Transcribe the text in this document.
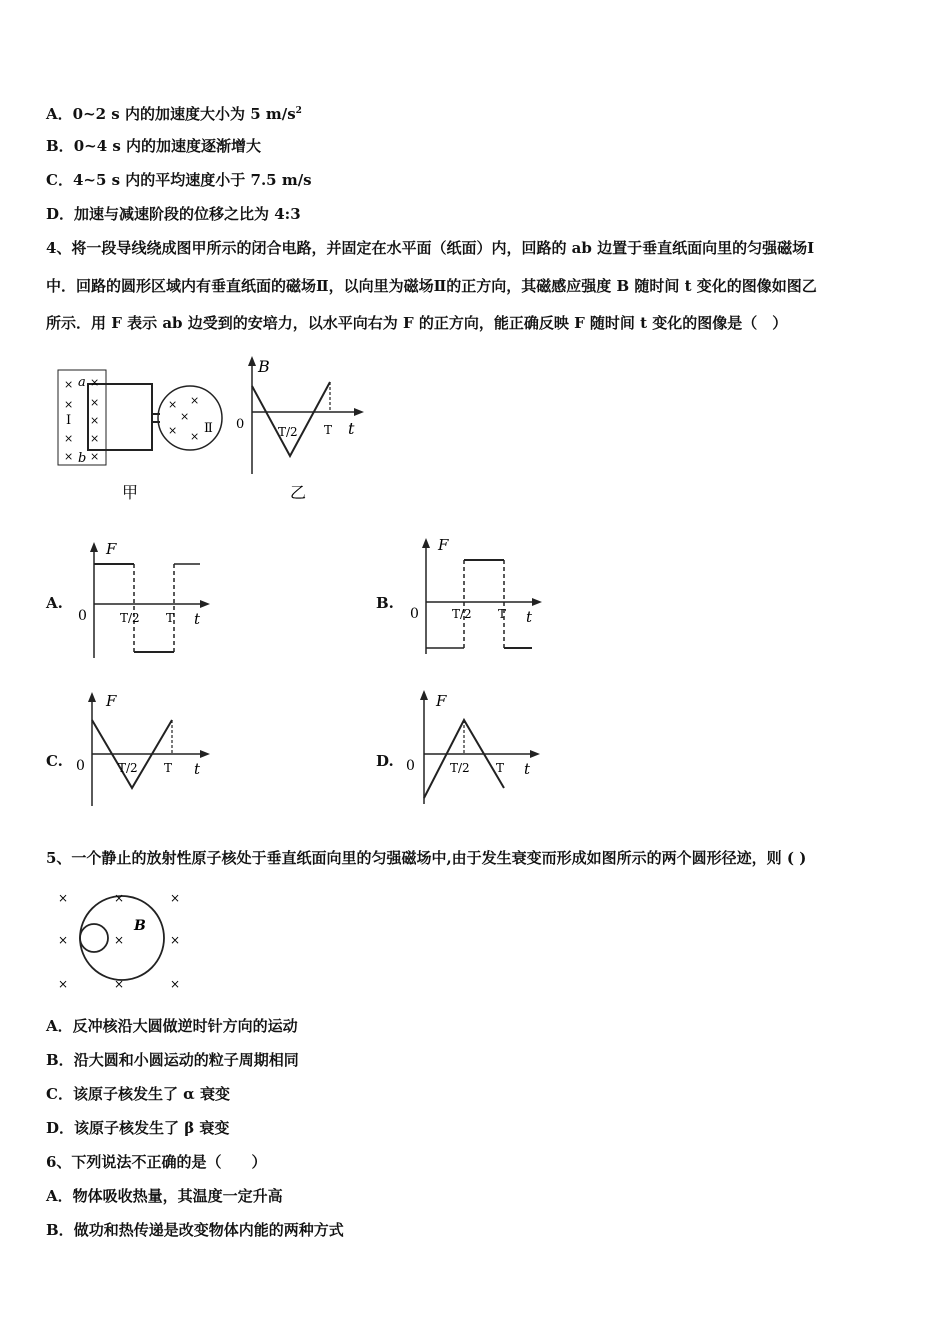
A．0~2 s 内的加速度大小为 5 $m/s^2$
B．0~4 s 内的加速度逐渐增大
C．4~5 s 内的平均速度小于 7.5 m/s
D．加速与减速阶段的位移之比为 4:3
4、将一段导线绕成图甲所示的闭合电路，并固定在水平面（纸面）内，回路的 ab 边置于垂直纸面向里的匀强磁场Ⅰ
中．回路的圆形区域内有垂直纸面的磁场Ⅱ，以向里为磁场Ⅱ的正方向，其磁感应强度 B 随时间 t 变化的图像如图乙
所示．用 F 表示 ab 边受到的安培力，以水平向右为 F 的正方向，能正确反映 F 随时间 t 变化的图像是（　）
×
×
×
×
×
×
×
×
×
a
b
Ⅰ
× ×
×
× ×
Ⅱ
甲
B
0	T/2 T t
乙
A.
F
0	T/2 T t
B.
F
0	T/2 T t
C.
F
0	T/2 T t	D.
F
0	T/2 T t
5、一个静止的放射性原子核处于垂直纸面向里的匀强磁场中,由于发生衰变而形成如图所示的两个圆形径迹，则 ( )
×	×	×
×	×	×
×	×	×
B
A．反冲核沿大圆做逆时针方向的运动
B．沿大圆和小圆运动的粒子周期相同
C．该原子核发生了 α 衰变
D．该原子核发生了 β 衰变
6、下列说法不正确的是（　　）
A．物体吸收热量，其温度一定升高
B．做功和热传递是改变物体内能的两种方式
